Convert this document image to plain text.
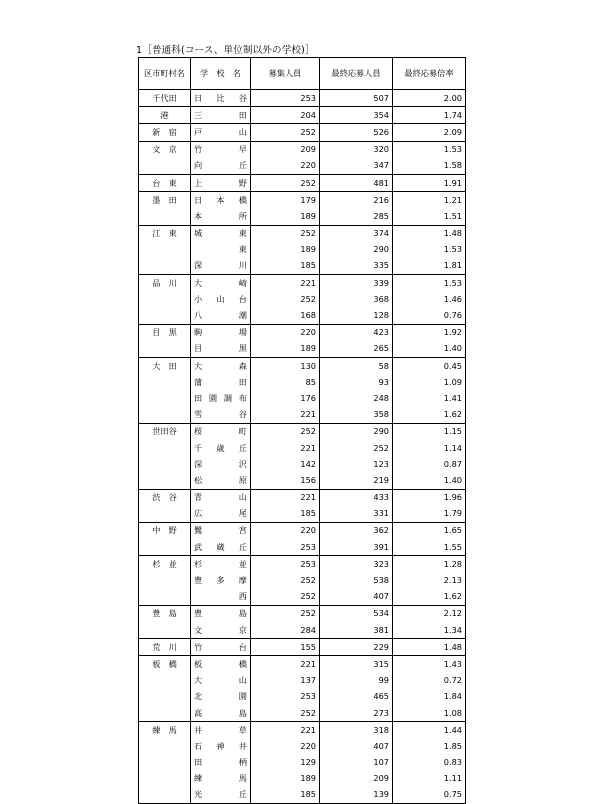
1［普通科(コース、単位制以外の学校)］
区市町村名	学　校　名	募集人員	最終応募人員	最終応募倍率
千代田	日 比 谷	253	507	2.00
港	三 田	204	354	1.74
新　宿	戸 山	252	526	2.09
文　京	竹 早	209	320	1.53

	向 丘	220	347	1.58
台　東	上 野	252	481	1.91
墨　田	日 本 橋	179	216	1.21

	本 所	189	285	1.51
江　東	城 東	252	374	1.48

	東	189	290	1.53

	深 川	185	335	1.81
品　川	大 崎	221	339	1.53

	小 山 台	252	368	1.46

	八 潮	168	128	0.76
目　黒	駒 場	220	423	1.92

	目 黒	189	265	1.40
大　田	大 森	130	58	0.45

	蒲 田	85	93	1.09

	田 園 調 布	176	248	1.41

	雪 谷	221	358	1.62
世田谷	桜 町	252	290	1.15

	千 歳 丘	221	252	1.14

	深 沢	142	123	0.87

	松 原	156	219	1.40
渋　谷	青 山	221	433	1.96

	広 尾	185	331	1.79
中　野	鷺 宮	220	362	1.65

	武 蔵 丘	253	391	1.55
杉　並	杉 並	253	323	1.28

	豊 多 摩	252	538	2.13

	西	252	407	1.62
豊　島	豊 島	252	534	2.12

	文 京	284	381	1.34
荒　川	竹 台	155	229	1.48
板　橋	板 橋	221	315	1.43

	大 山	137	99	0.72

	北 園	253	465	1.84

	高 島	252	273	1.08
練　馬	井 草	221	318	1.44

	石 神 井	220	407	1.85

	田 柄	129	107	0.83

	練 馬	189	209	1.11

	光 丘	185	139	0.75
